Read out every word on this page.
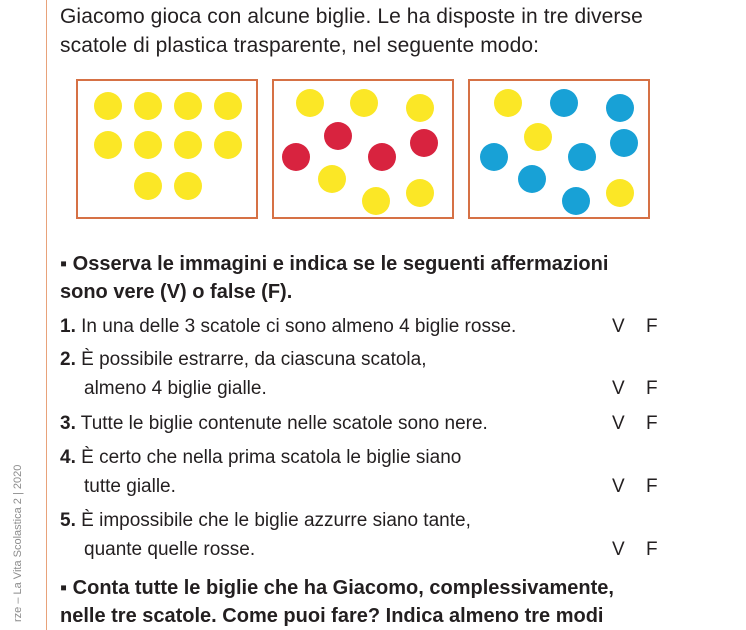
rze – La Vita Scolastica 2 | 2020
Giacomo gioca con alcune biglie. Le ha disposte in tre diverse
scatole di plastica trasparente, nel seguente modo:
▪ Osserva le immagini e indica se le seguenti affermazioni
sono vere (V) o false (F).
1. In una delle 3 scatole ci sono almeno 4 biglie rosse.	V F
2. È possibile estrarre, da ciascuna scatola,
almeno 4 biglie gialle.	V F
3. Tutte le biglie contenute nelle scatole sono nere.	V F
4. È certo che nella prima scatola le biglie siano
tutte gialle.	V F
5. È impossibile che le biglie azzurre siano tante,
quante quelle rosse.	V F
▪ Conta tutte le biglie che ha Giacomo, complessivamente,
nelle tre scatole. Come puoi fare? Indica almeno tre modi
